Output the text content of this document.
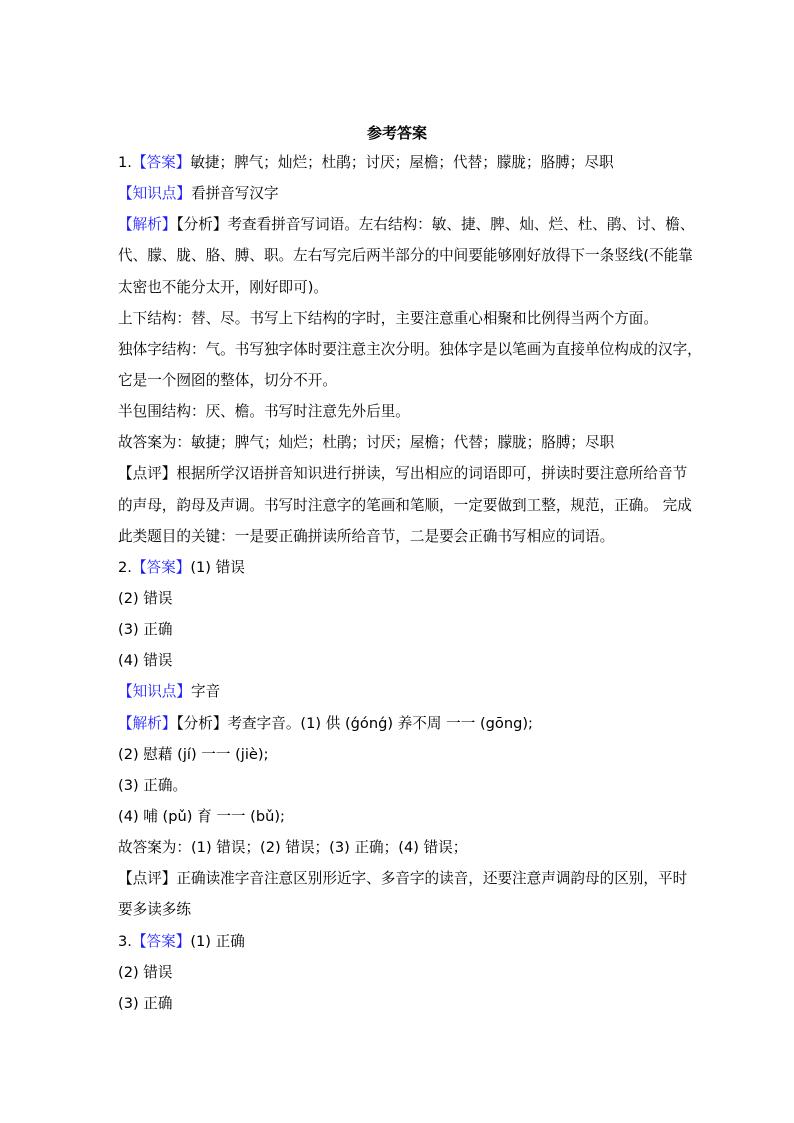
参考答案
1.【答案】敏捷；脾气；灿烂；杜鹃；讨厌；屋檐；代替；朦胧；胳膊；尽职
【知识点】看拼音写汉字
【解析】【分析】考查看拼音写词语。左右结构：敏、捷、脾、灿、烂、杜、鹃、讨、檐、
代、朦、胧、胳、膊、职。左右写完后两半部分的中间要能够刚好放得下一条竖线(不能靠
太密也不能分太开，刚好即可)。
上下结构：替、尽。书写上下结构的字时，主要注意重心相聚和比例得当两个方面。
独体字结构：气。书写独字体时要注意主次分明。独体字是以笔画为直接单位构成的汉字，
它是一个囫囵的整体，切分不开。
半包围结构：厌、檐。书写时注意先外后里。
故答案为：敏捷；脾气；灿烂；杜鹃；讨厌；屋檐；代替；朦胧；胳膊；尽职
【点评】根据所学汉语拼音知识进行拼读，写出相应的词语即可，拼读时要注意所给音节
的声母，韵母及声调。书写时注意字的笔画和笔顺，一定要做到工整，规范，正确。 完成
此类题目的关键：一是要正确拼读所给音节，二是要会正确书写相应的词语。
2.【答案】(1) 错误
(2) 错误
(3) 正确
(4) 错误
【知识点】字音
【解析】【分析】考查字音。(1) 供 (ǵónǵ) 养不周 一一 (gōng);
(2) 慰藉 (jí) 一一 (jiè);
(3) 正确。
(4) 哺 (pǔ) 育 一一 (bǔ);
故答案为：(1) 错误；(2) 错误；(3) 正确；(4) 错误；
【点评】正确读准字音注意区别形近字、多音字的读音，还要注意声调韵母的区别，平时
要多读多练
3.【答案】(1) 正确
(2) 错误
(3) 正确
